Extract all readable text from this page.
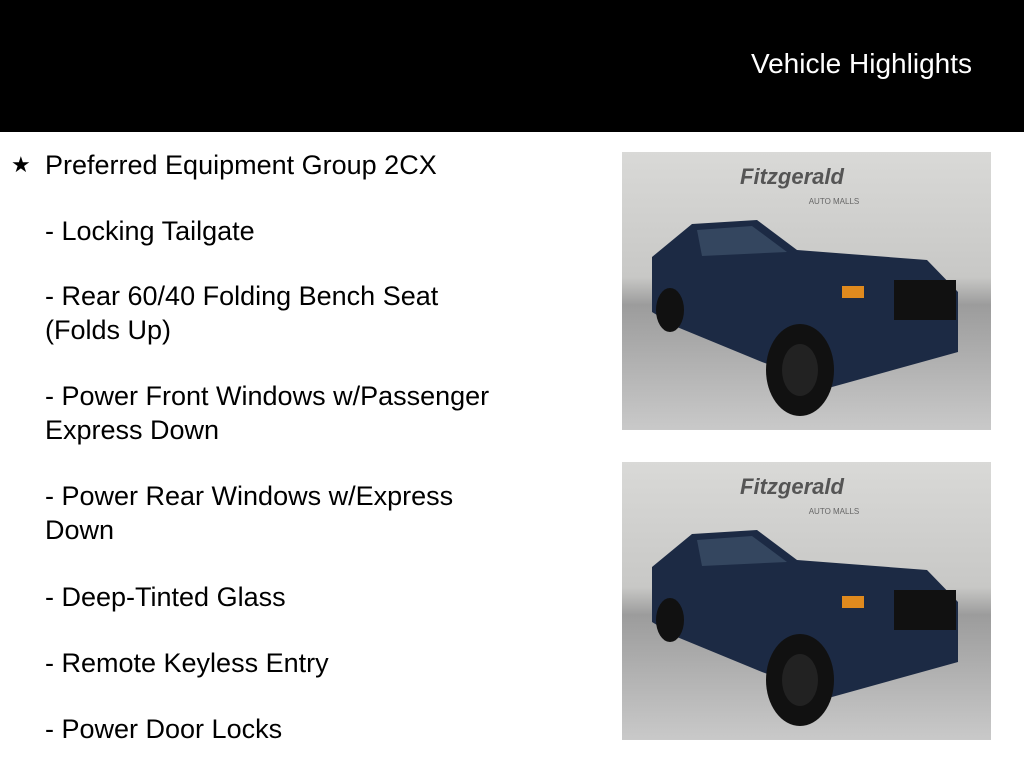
Vehicle Highlights
★ Preferred Equipment Group 2CX
- Locking Tailgate
- Rear 60/40 Folding Bench Seat (Folds Up)
- Power Front Windows w/Passenger Express Down
- Power Rear Windows w/Express Down
- Deep-Tinted Glass
- Remote Keyless Entry
- Power Door Locks
Fitzgerald
AUTO MALLS
Fitzgerald
AUTO MALLS
